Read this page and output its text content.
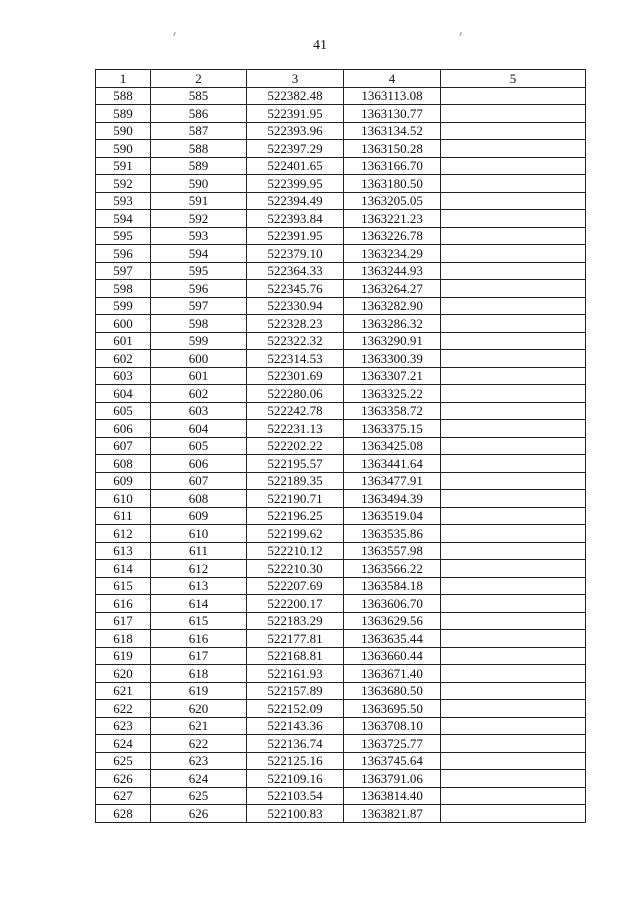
41
1	2	3	4	5
588	585	522382.48	1363113.08	
589	586	522391.95	1363130.77	
590	587	522393.96	1363134.52	
590	588	522397.29	1363150.28	
591	589	522401.65	1363166.70	
592	590	522399.95	1363180.50	
593	591	522394.49	1363205.05	
594	592	522393.84	1363221.23	
595	593	522391.95	1363226.78	
596	594	522379.10	1363234.29	
597	595	522364.33	1363244.93	
598	596	522345.76	1363264.27	
599	597	522330.94	1363282.90	
600	598	522328.23	1363286.32	
601	599	522322.32	1363290.91	
602	600	522314.53	1363300.39	
603	601	522301.69	1363307.21	
604	602	522280.06	1363325.22	
605	603	522242.78	1363358.72	
606	604	522231.13	1363375.15	
607	605	522202.22	1363425.08	
608	606	522195.57	1363441.64	
609	607	522189.35	1363477.91	
610	608	522190.71	1363494.39	
611	609	522196.25	1363519.04	
612	610	522199.62	1363535.86	
613	611	522210.12	1363557.98	
614	612	522210.30	1363566.22	
615	613	522207.69	1363584.18	
616	614	522200.17	1363606.70	
617	615	522183.29	1363629.56	
618	616	522177.81	1363635.44	
619	617	522168.81	1363660.44	
620	618	522161.93	1363671.40	
621	619	522157.89	1363680.50	
622	620	522152.09	1363695.50	
623	621	522143.36	1363708.10	
624	622	522136.74	1363725.77	
625	623	522125.16	1363745.64	
626	624	522109.16	1363791.06	
627	625	522103.54	1363814.40	
628	626	522100.83	1363821.87	
